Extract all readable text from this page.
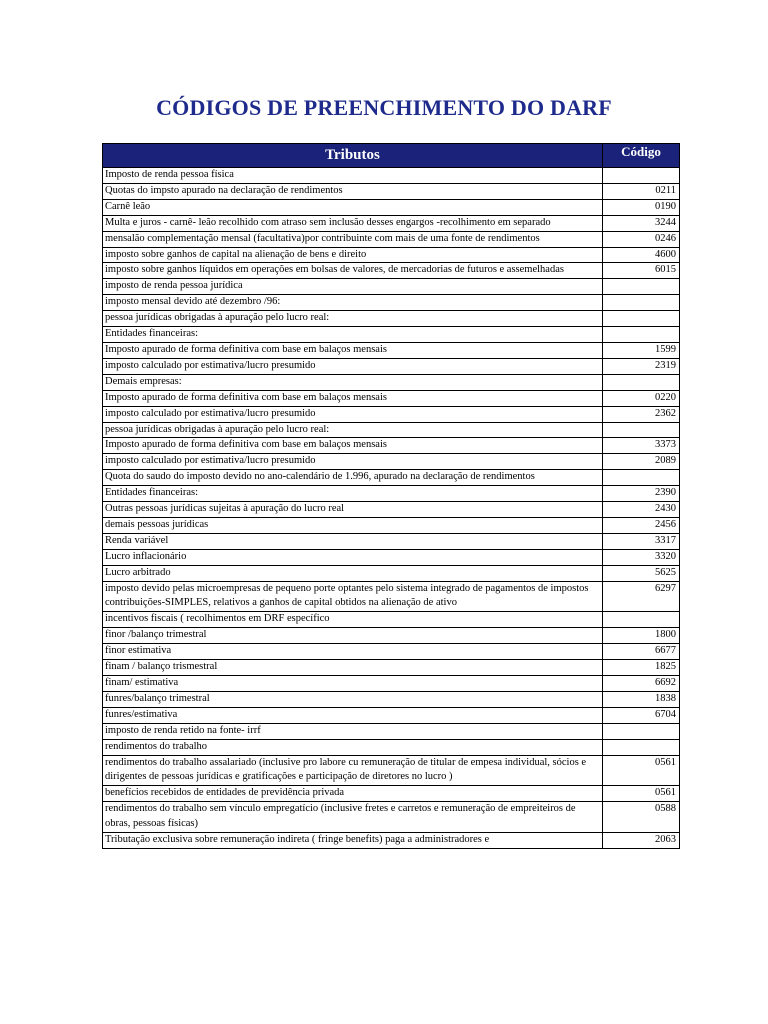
CÓDIGOS DE PREENCHIMENTO DO DARF
Tributos	Código
Imposto de renda pessoa física	
Quotas do impsto apurado na declaração de rendimentos	0211
Carnê leão	0190
Multa e juros - carnê- leão recolhido com atraso sem inclusão desses engargos -recolhimento em separado	3244
mensalão complementação mensal (facultativa)por contribuinte com mais de uma fonte de rendimentos	0246
imposto sobre ganhos de capital na alienação de bens e direito	4600
imposto sobre ganhos líquidos em operações em bolsas de valores, de mercadorias de futuros e assemelhadas	6015
imposto de renda pessoa jurídica	
imposto mensal devido até dezembro /96:	
pessoa jurídicas obrigadas à apuração pelo lucro real:	
Entidades financeiras:	
Imposto apurado de forma definitiva com base em balaços mensais	1599
imposto calculado por estimativa/lucro presumido	2319
Demais empresas:	
Imposto apurado de forma definitiva com base em balaços mensais	0220
imposto calculado por estimativa/lucro presumido	2362
pessoa jurídicas obrigadas à apuração pelo lucro real:	
Imposto apurado de forma definitiva com base em balaços mensais	3373
imposto calculado por estimativa/lucro presumido	2089
Quota do saudo do imposto devido no ano-calendário de 1.996, apurado na declaração de rendimentos	
Entidades financeiras:	2390
Outras pessoas jurídicas sujeitas à apuração do lucro real	2430
demais pessoas jurídicas	2456
Renda variável	3317
Lucro inflacionário	3320
Lucro arbitrado	5625
imposto devido pelas microempresas de pequeno porte optantes pelo sistema integrado de pagamentos de impostos contribuições-SIMPLES, relativos a ganhos de capital obtidos na alienação de ativo	6297
incentivos fiscais ( recolhimentos em DRF específico	
finor /balanço trimestral	1800
finor estimativa	6677
finam / balanço trismestral	1825
finam/ estimativa	6692
funres/balanço trimestral	1838
funres/estimativa	6704
imposto de renda retido na fonte- irrf	
rendimentos do trabalho	
rendimentos do trabalho assalariado (inclusive pro labore cu remuneração de titular de empesa individual, sócios e dirigentes de pessoas jurídicas e gratificações e participação de diretores no lucro )	0561
benefícios recebidos de entidades de previdência privada	0561
rendimentos do trabalho sem vínculo empregatício (inclusive fretes e carretos e remuneração de empreiteiros de obras, pessoas físicas)	0588
Tributação exclusiva sobre remuneração indireta ( fringe benefits) paga a administradores e	2063
